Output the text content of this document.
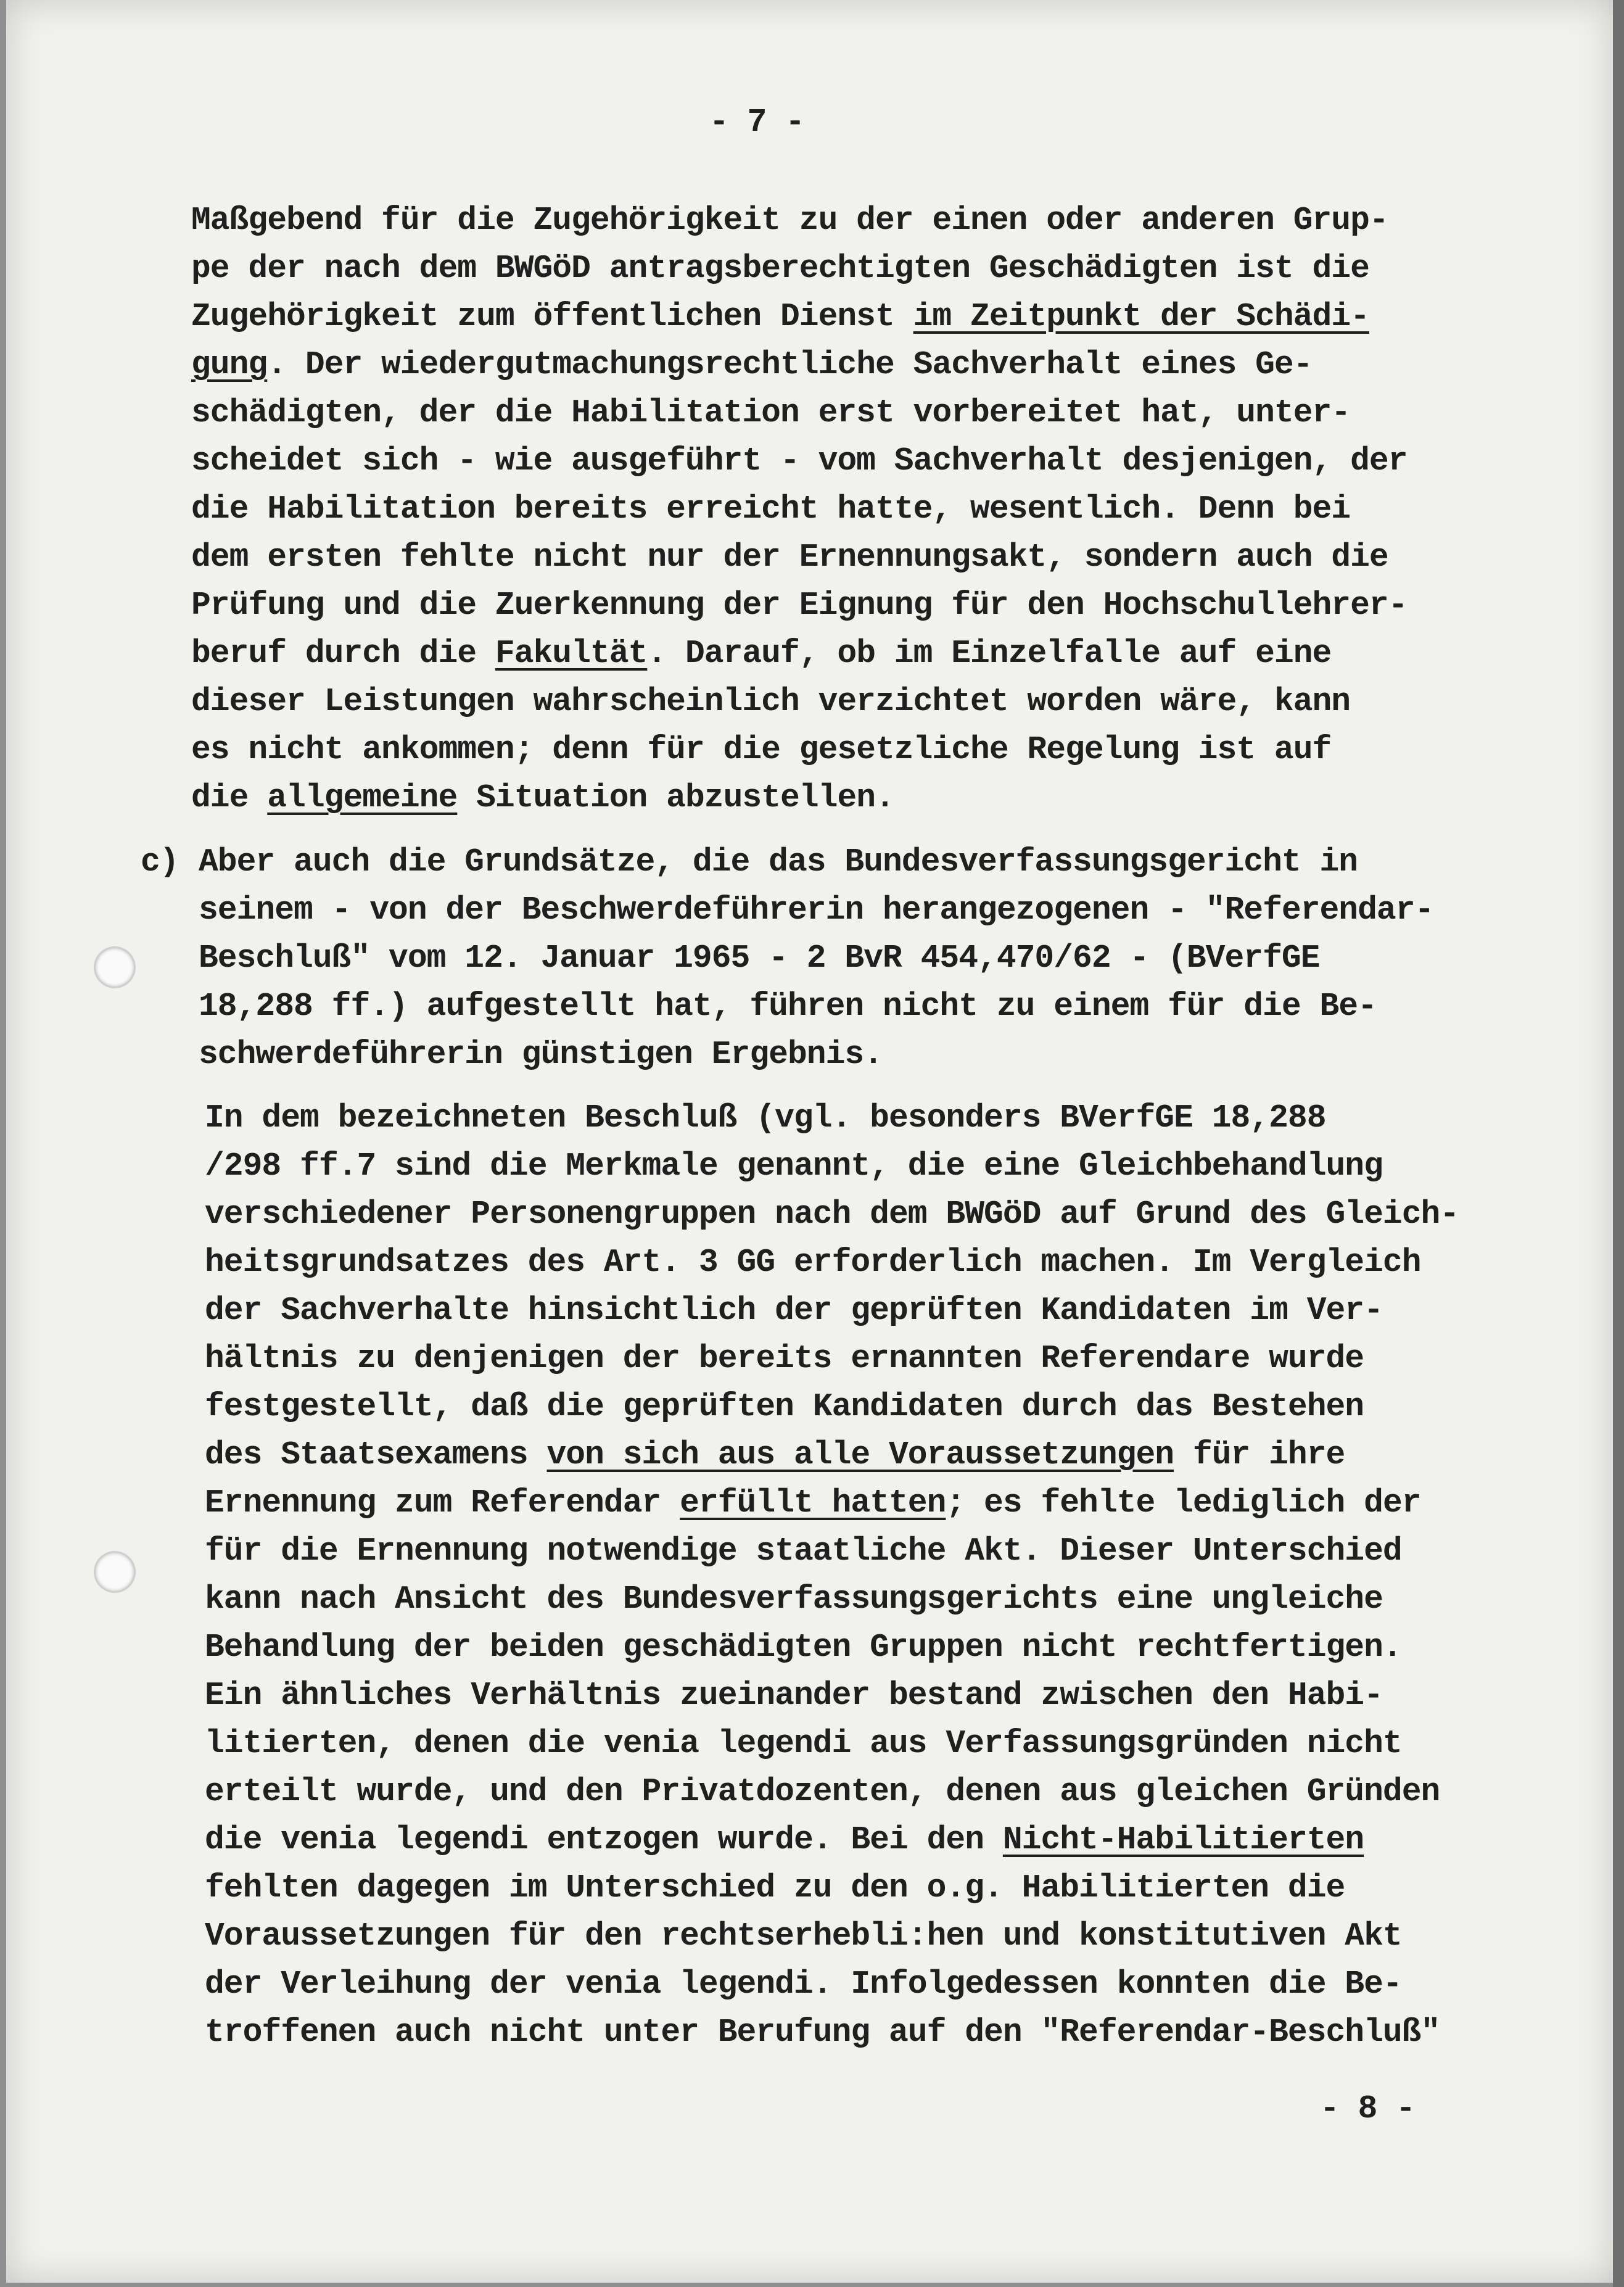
- 7 -

Maßgebend für die Zugehörigkeit zu der einen oder anderen Grup-
pe der nach dem BWGöD antragsberechtigten Geschädigten ist die
Zugehörigkeit zum öffentlichen Dienst im Zeitpunkt der Schädi-
gung. Der wiedergutmachungsrechtliche Sachverhalt eines Ge-
schädigten, der die Habilitation erst vorbereitet hat, unter-
scheidet sich - wie ausgeführt - vom Sachverhalt desjenigen, der
die Habilitation bereits erreicht hatte, wesentlich. Denn bei
dem ersten fehlte nicht nur der Ernennungsakt, sondern auch die
Prüfung und die Zuerkennung der Eignung für den Hochschullehrer-
beruf durch die Fakultät. Darauf, ob im Einzelfalle auf eine
dieser Leistungen wahrscheinlich verzichtet worden wäre, kann
es nicht ankommen; denn für die gesetzliche Regelung ist auf
die allgemeine Situation abzustellen.
c) Aber auch die Grundsätze, die das Bundesverfassungsgericht in
seinem - von der Beschwerdeführerin herangezogenen - "Referendar-
Beschluß" vom 12. Januar 1965 - 2 BvR 454,470/62 - (BVerfGE
18,288 ff.) aufgestellt hat, führen nicht zu einem für die Be-
schwerdeführerin günstigen Ergebnis.
In dem bezeichneten Beschluß (vgl. besonders BVerfGE 18,288
/298 ff.7 sind die Merkmale genannt, die eine Gleichbehandlung
verschiedener Personengruppen nach dem BWGöD auf Grund des Gleich-
heitsgrundsatzes des Art. 3 GG erforderlich machen. Im Vergleich
der Sachverhalte hinsichtlich der geprüften Kandidaten im Ver-
hältnis zu denjenigen der bereits ernannten Referendare wurde
festgestellt, daß die geprüften Kandidaten durch das Bestehen
des Staatsexamens von sich aus alle Voraussetzungen für ihre
Ernennung zum Referendar erfüllt hatten; es fehlte lediglich der
für die Ernennung notwendige staatliche Akt. Dieser Unterschied
kann nach Ansicht des Bundesverfassungsgerichts eine ungleiche
Behandlung der beiden geschädigten Gruppen nicht rechtfertigen.
Ein ähnliches Verhältnis zueinander bestand zwischen den Habi-
litierten, denen die venia legendi aus Verfassungsgründen nicht
erteilt wurde, und den Privatdozenten, denen aus gleichen Gründen
die venia legendi entzogen wurde. Bei den Nicht-Habilitierten
fehlten dagegen im Unterschied zu den o.g. Habilitierten die
Voraussetzungen für den rechtserhebli:hen und konstitutiven Akt
der Verleihung der venia legendi. Infolgedessen konnten die Be-
troffenen auch nicht unter Berufung auf den "Referendar-Beschluß"

- 8 -
